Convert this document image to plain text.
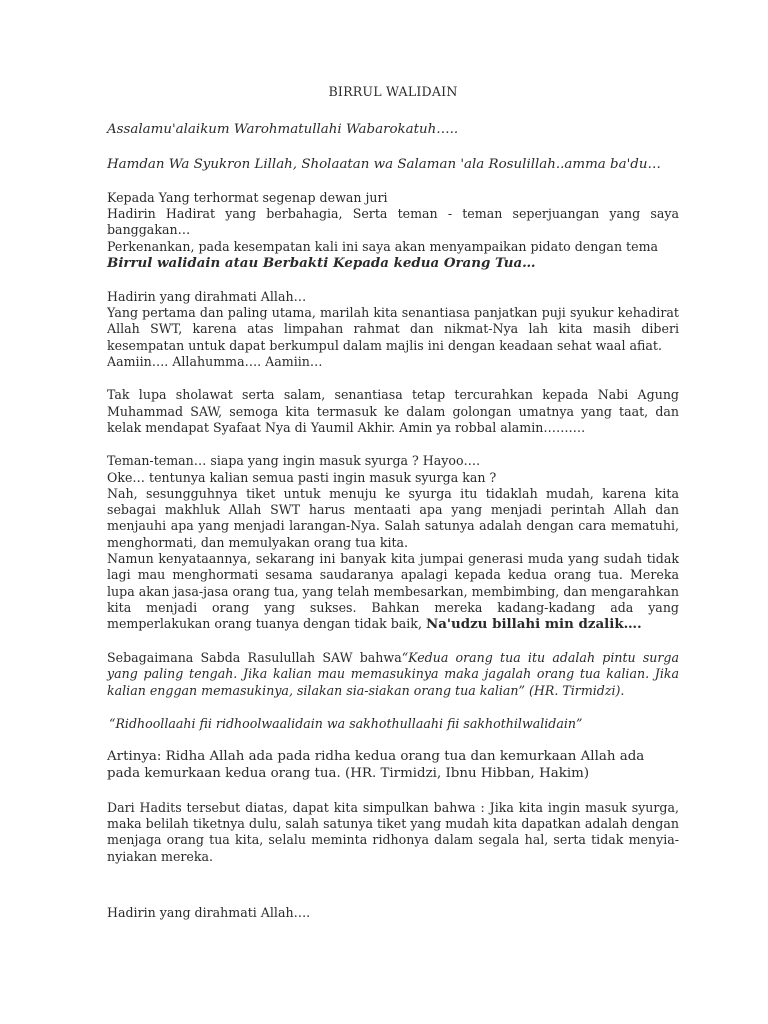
BIRRUL WALIDAIN

Assalamu'alaikum Warohmatullahi Wabarokatuh…..

Hamdan Wa Syukron Lillah, Sholaatan wa Salaman 'ala Rosulillah..amma ba'du…

Kepada Yang terhormat segenap dewan juri

Hadirin Hadirat yang berbahagia, Serta teman - teman seperjuangan yang saya banggakan…

Perkenankan, pada kesempatan kali ini saya akan menyampaikan pidato dengan tema

Birrul walidain atau Berbakti Kepada kedua Orang Tua…

Hadirin yang dirahmati Allah…

Yang pertama dan paling utama, marilah kita senantiasa panjatkan puji syukur kehadirat Allah SWT, karena atas limpahan rahmat dan nikmat-Nya lah kita masih diberi kesempatan untuk dapat berkumpul dalam majlis ini dengan keadaan sehat waal afiat.

Aamiin…. Allahumma…. Aamiin…

Tak lupa sholawat serta salam, senantiasa tetap tercurahkan kepada Nabi Agung Muhammad SAW, semoga kita termasuk ke dalam golongan umatnya yang taat, dan kelak mendapat Syafaat Nya di Yaumil Akhir. Amin ya robbal alamin……….

Teman-teman… siapa yang ingin masuk syurga ? Hayoo….

Oke… tentunya kalian semua pasti ingin masuk syurga kan ?

Nah, sesungguhnya tiket untuk menuju ke syurga itu tidaklah mudah, karena kita sebagai makhluk Allah SWT harus mentaati apa yang menjadi perintah Allah dan menjauhi apa yang menjadi larangan-Nya. Salah satunya adalah dengan cara mematuhi, menghormati, dan memulyakan orang tua kita.

Namun kenyataannya, sekarang ini banyak kita jumpai generasi muda yang sudah tidak lagi mau menghormati sesama saudaranya apalagi kepada kedua orang tua. Mereka lupa akan jasa-jasa orang tua, yang telah membesarkan, membimbing, dan mengarahkan kita menjadi orang yang sukses. Bahkan mereka kadang-kadang ada yang memperlakukan orang tuanya dengan tidak baik, Na'udzu billahi min dzalik….

Sebagaimana Sabda Rasulullah SAW bahwa“Kedua orang tua itu adalah pintu surga yang paling tengah. Jika kalian mau memasukinya maka jagalah orang tua kalian. Jika kalian enggan memasukinya, silakan sia-siakan orang tua kalian” (HR. Tirmidzi).

“Ridhoollaahi fii ridhoolwaalidain wa sakhothullaahi fii sakhothilwalidain”

Artinya: Ridha Allah ada pada ridha kedua orang tua dan kemurkaan Allah ada pada kemurkaan kedua orang tua. (HR. Tirmidzi, Ibnu Hibban, Hakim)

Dari Hadits tersebut diatas, dapat kita simpulkan bahwa : Jika kita ingin masuk syurga, maka belilah tiketnya dulu, salah satunya tiket yang mudah kita dapatkan adalah dengan menjaga orang tua kita, selalu meminta ridhonya dalam segala hal, serta tidak menyia-nyiakan mereka.

Hadirin yang dirahmati Allah….
